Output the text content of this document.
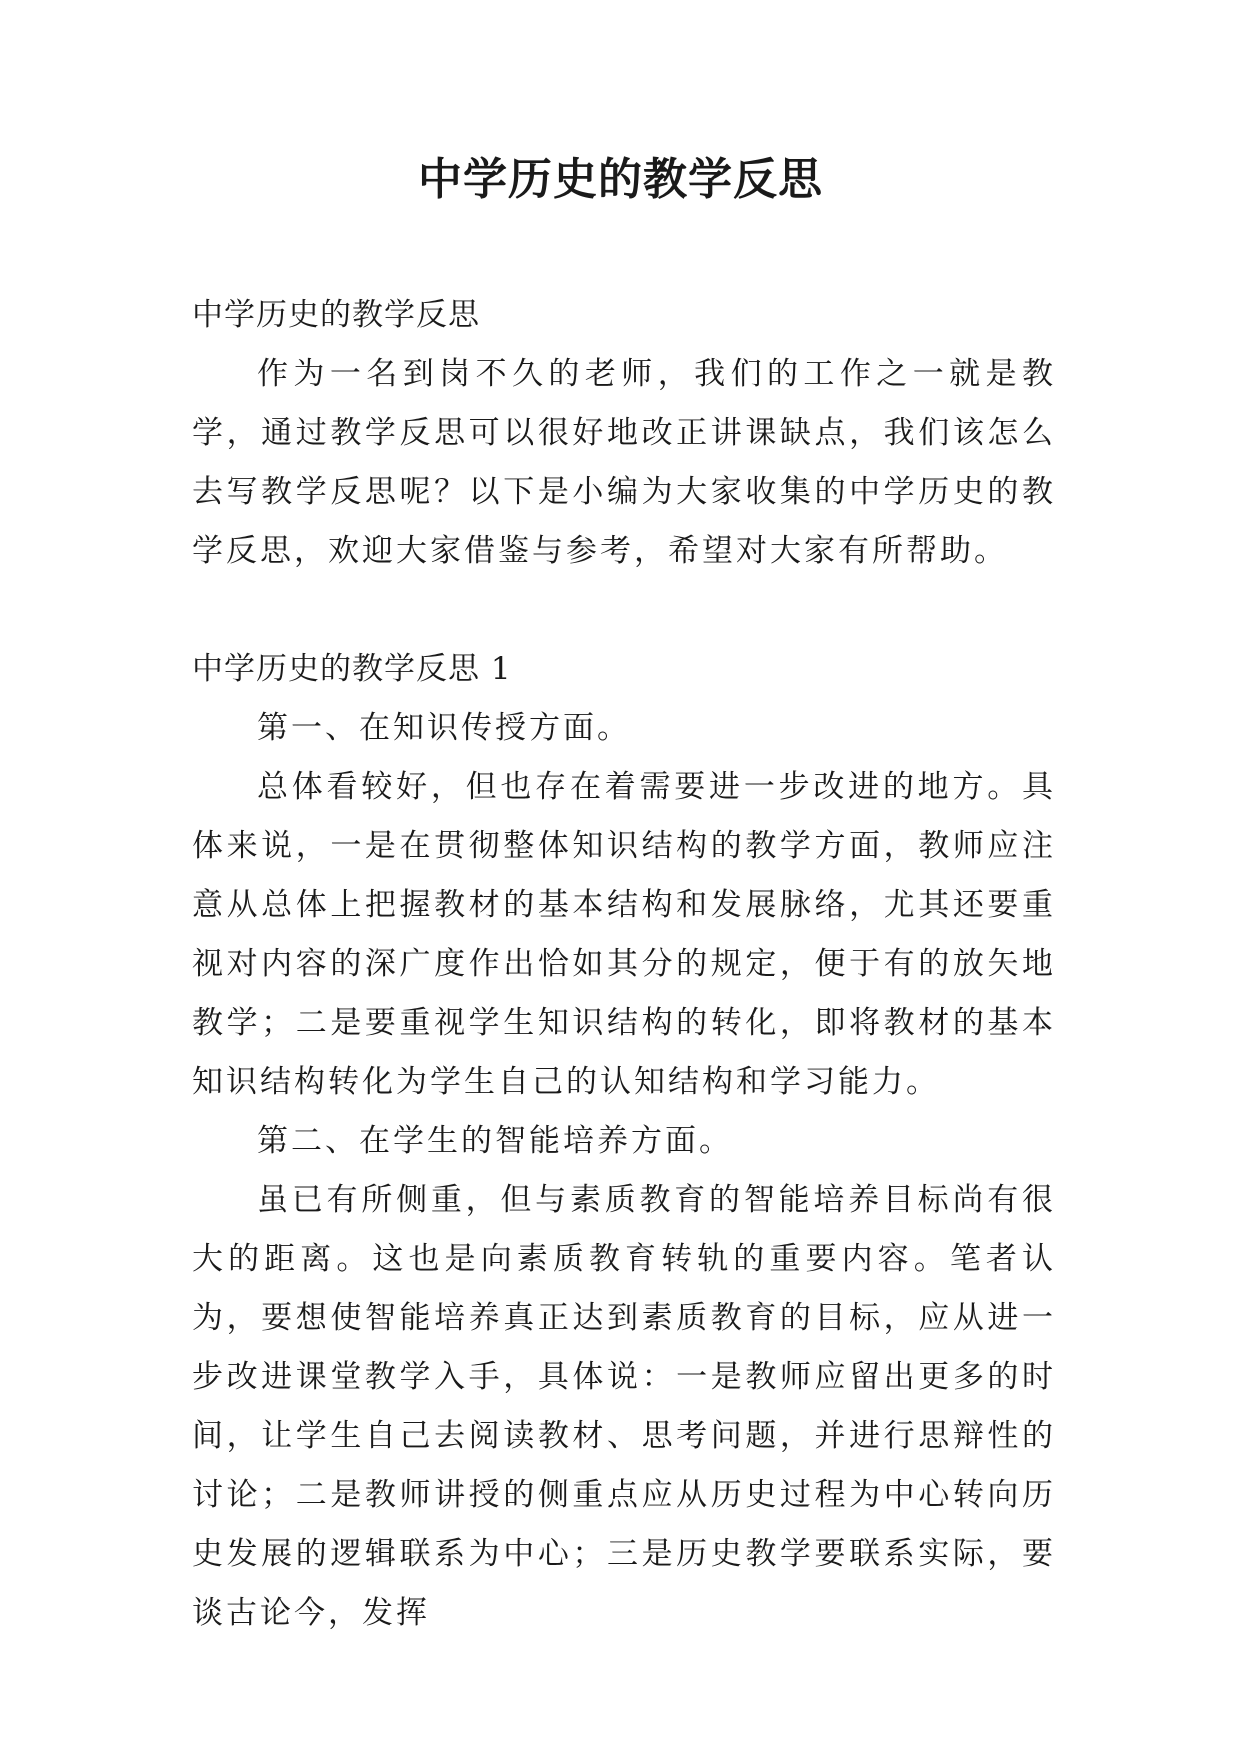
中学历史的教学反思

中学历史的教学反思

作为一名到岗不久的老师，我们的工作之一就是教学，通过教学反思可以很好地改正讲课缺点，我们该怎么去写教学反思呢？以下是小编为大家收集的中学历史的教学反思，欢迎大家借鉴与参考，希望对大家有所帮助。

中学历史的教学反思 1

第一、在知识传授方面。

总体看较好，但也存在着需要进一步改进的地方。具体来说，一是在贯彻整体知识结构的教学方面，教师应注意从总体上把握教材的基本结构和发展脉络，尤其还要重视对内容的深广度作出恰如其分的规定，便于有的放矢地教学；二是要重视学生知识结构的转化，即将教材的基本知识结构转化为学生自己的认知结构和学习能力。

第二、在学生的智能培养方面。

虽已有所侧重，但与素质教育的智能培养目标尚有很大的距离。这也是向素质教育转轨的重要内容。笔者认为，要想使智能培养真正达到素质教育的目标，应从进一步改进课堂教学入手，具体说：一是教师应留出更多的时间，让学生自己去阅读教材、思考问题，并进行思辩性的讨论；二是教师讲授的侧重点应从历史过程为中心转向历史发展的逻辑联系为中心；三是历史教学要联系实际，要谈古论今，发挥
